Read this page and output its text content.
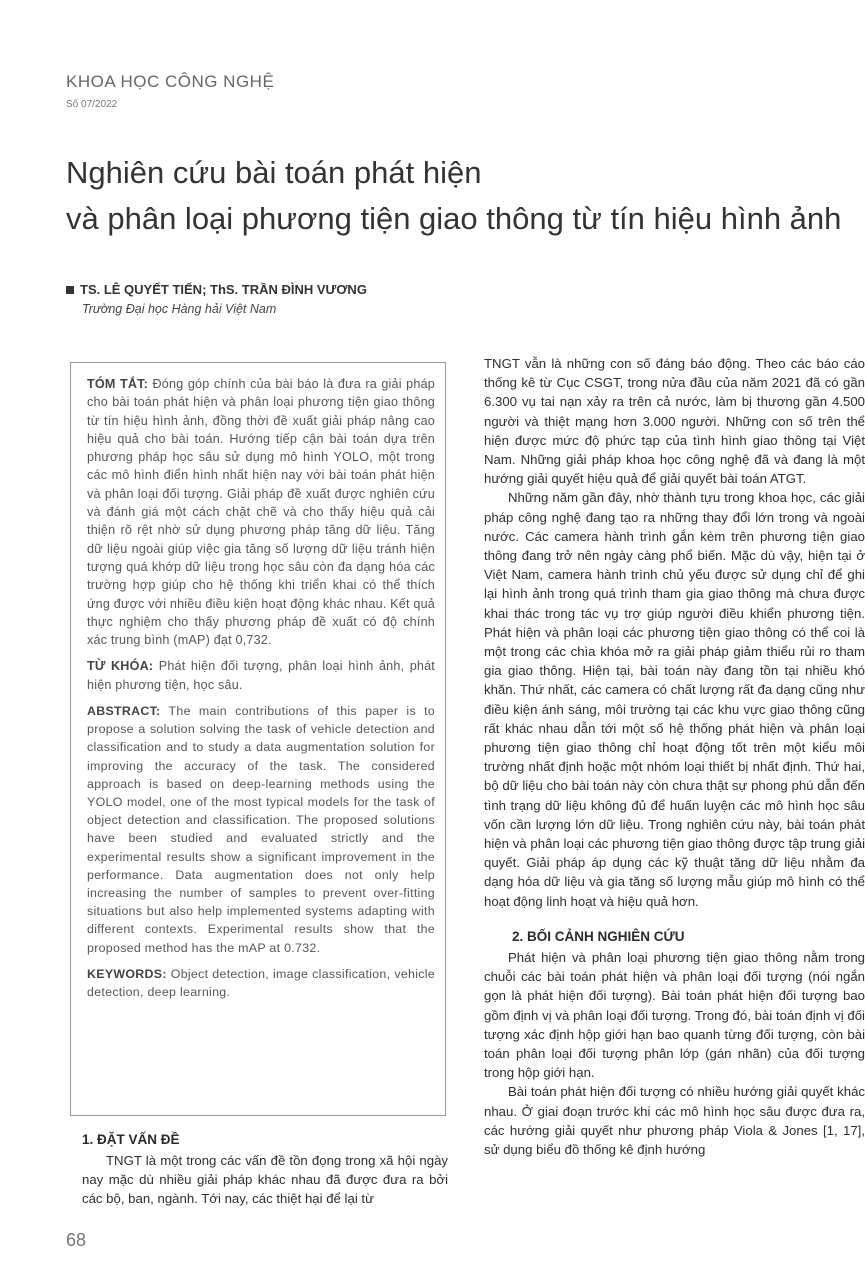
KHOA HỌC CÔNG NGHỆ
Số 07/2022
Nghiên cứu bài toán phát hiện
và phân loại phương tiện giao thông từ tín hiệu hình ảnh
TS. LÊ QUYẾT TIẾN; ThS. TRẦN ĐÌNH VƯƠNG
Trường Đại học Hàng hải Việt Nam

TÓM TẮT: Đóng góp chính của bài báo là đưa ra giải pháp cho bài toán phát hiện và phân loại phương tiện giao thông từ tín hiệu hình ảnh, đồng thời đề xuất giải pháp nâng cao hiệu quả cho bài toán. Hướng tiếp cận bài toán dựa trên phương pháp học sâu sử dụng mô hình YOLO, một trong các mô hình điển hình nhất hiện nay với bài toán phát hiện và phân loại đối tượng. Giải pháp đề xuất được nghiên cứu và đánh giá một cách chặt chẽ và cho thấy hiệu quả cải thiện rõ rệt nhờ sử dụng phương pháp tăng dữ liệu. Tăng dữ liệu ngoài giúp việc gia tăng số lượng dữ liệu tránh hiện tượng quá khớp dữ liệu trong học sâu còn đa dạng hóa các trường hợp giúp cho hệ thống khi triển khai có thể thích ứng được với nhiều điều kiện hoạt động khác nhau. Kết quả thực nghiệm cho thấy phương pháp đề xuất có độ chính xác trung bình (mAP) đạt 0,732.

TỪ KHÓA: Phát hiện đối tượng, phân loại hình ảnh, phát hiện phương tiện, học sâu.

ABSTRACT: The main contributions of this paper is to propose a solution solving the task of vehicle detection and classification and to study a data augmentation solution for improving the accuracy of the task. The considered approach is based on deep-learning methods using the YOLO model, one of the most typical models for the task of object detection and classification. The proposed solutions have been studied and evaluated strictly and the experimental results show a significant improvement in the performance. Data augmentation does not only help increasing the number of samples to prevent over-fitting situations but also help implemented systems adapting with different contexts. Experimental results show that the proposed method has the mAP at 0.732.

KEYWORDS: Object detection, image classification, vehicle detection, deep learning.

1. ĐẶT VẤN ĐỀ

TNGT là một trong các vấn đề tồn đọng trong xã hội ngày nay mặc dù nhiều giải pháp khác nhau đã được đưa ra bởi các bộ, ban, ngành. Tới nay, các thiệt hại để lại từ

TNGT vẫn là những con số đáng báo động. Theo các báo cáo thống kê từ Cục CSGT, trong nửa đầu của năm 2021 đã có gần 6.300 vụ tai nạn xảy ra trên cả nước, làm bị thương gần 4.500 người và thiệt mạng hơn 3.000 người. Những con số trên thể hiện được mức độ phức tạp của tình hình giao thông tại Việt Nam. Những giải pháp khoa học công nghệ đã và đang là một hướng giải quyết hiệu quả để giải quyết bài toán ATGT.

Những năm gần đây, nhờ thành tựu trong khoa học, các giải pháp công nghệ đang tạo ra những thay đổi lớn trong và ngoài nước. Các camera hành trình gắn kèm trên phương tiện giao thông đang trở nên ngày càng phổ biến. Mặc dù vậy, hiện tại ở Việt Nam, camera hành trình chủ yếu được sử dụng chỉ để ghi lại hình ảnh trong quá trình tham gia giao thông mà chưa được khai thác trong tác vụ trợ giúp người điều khiển phương tiện. Phát hiện và phân loại các phương tiện giao thông có thể coi là một trong các chìa khóa mở ra giải pháp giảm thiểu rủi ro tham gia giao thông. Hiện tại, bài toán này đang tồn tại nhiều khó khăn. Thứ nhất, các camera có chất lượng rất đa dạng cũng như điều kiện ánh sáng, môi trường tại các khu vực giao thông cũng rất khác nhau dẫn tới một số hệ thống phát hiện và phân loại phương tiện giao thông chỉ hoạt động tốt trên một kiểu môi trường nhất định hoặc một nhóm loại thiết bị nhất định. Thứ hai, bộ dữ liệu cho bài toán này còn chưa thật sự phong phú dẫn đến tình trạng dữ liệu không đủ để huấn luyện các mô hình học sâu vốn cần lượng lớn dữ liệu. Trong nghiên cứu này, bài toán phát hiện và phân loại các phương tiện giao thông được tập trung giải quyết. Giải pháp áp dụng các kỹ thuật tăng dữ liệu nhằm đa dạng hóa dữ liệu và gia tăng số lượng mẫu giúp mô hình có thể hoạt động linh hoạt và hiệu quả hơn.

2. BỐI CẢNH NGHIÊN CỨU

Phát hiện và phân loại phương tiện giao thông nằm trong chuỗi các bài toán phát hiện và phân loại đối tượng (nói ngắn gọn là phát hiện đối tượng). Bài toán phát hiện đối tượng bao gồm định vị và phân loại đối tượng. Trong đó, bài toán định vị đối tượng xác định hộp giới hạn bao quanh từng đối tượng, còn bài toán phân loại đối tượng phân lớp (gán nhãn) của đối tượng trong hộp giới hạn.

Bài toán phát hiện đối tượng có nhiều hướng giải quyết khác nhau. Ở giai đoạn trước khi các mô hình học sâu được đưa ra, các hướng giải quyết như phương pháp Viola & Jones [1, 17], sử dụng biểu đồ thống kê định hướng

68
